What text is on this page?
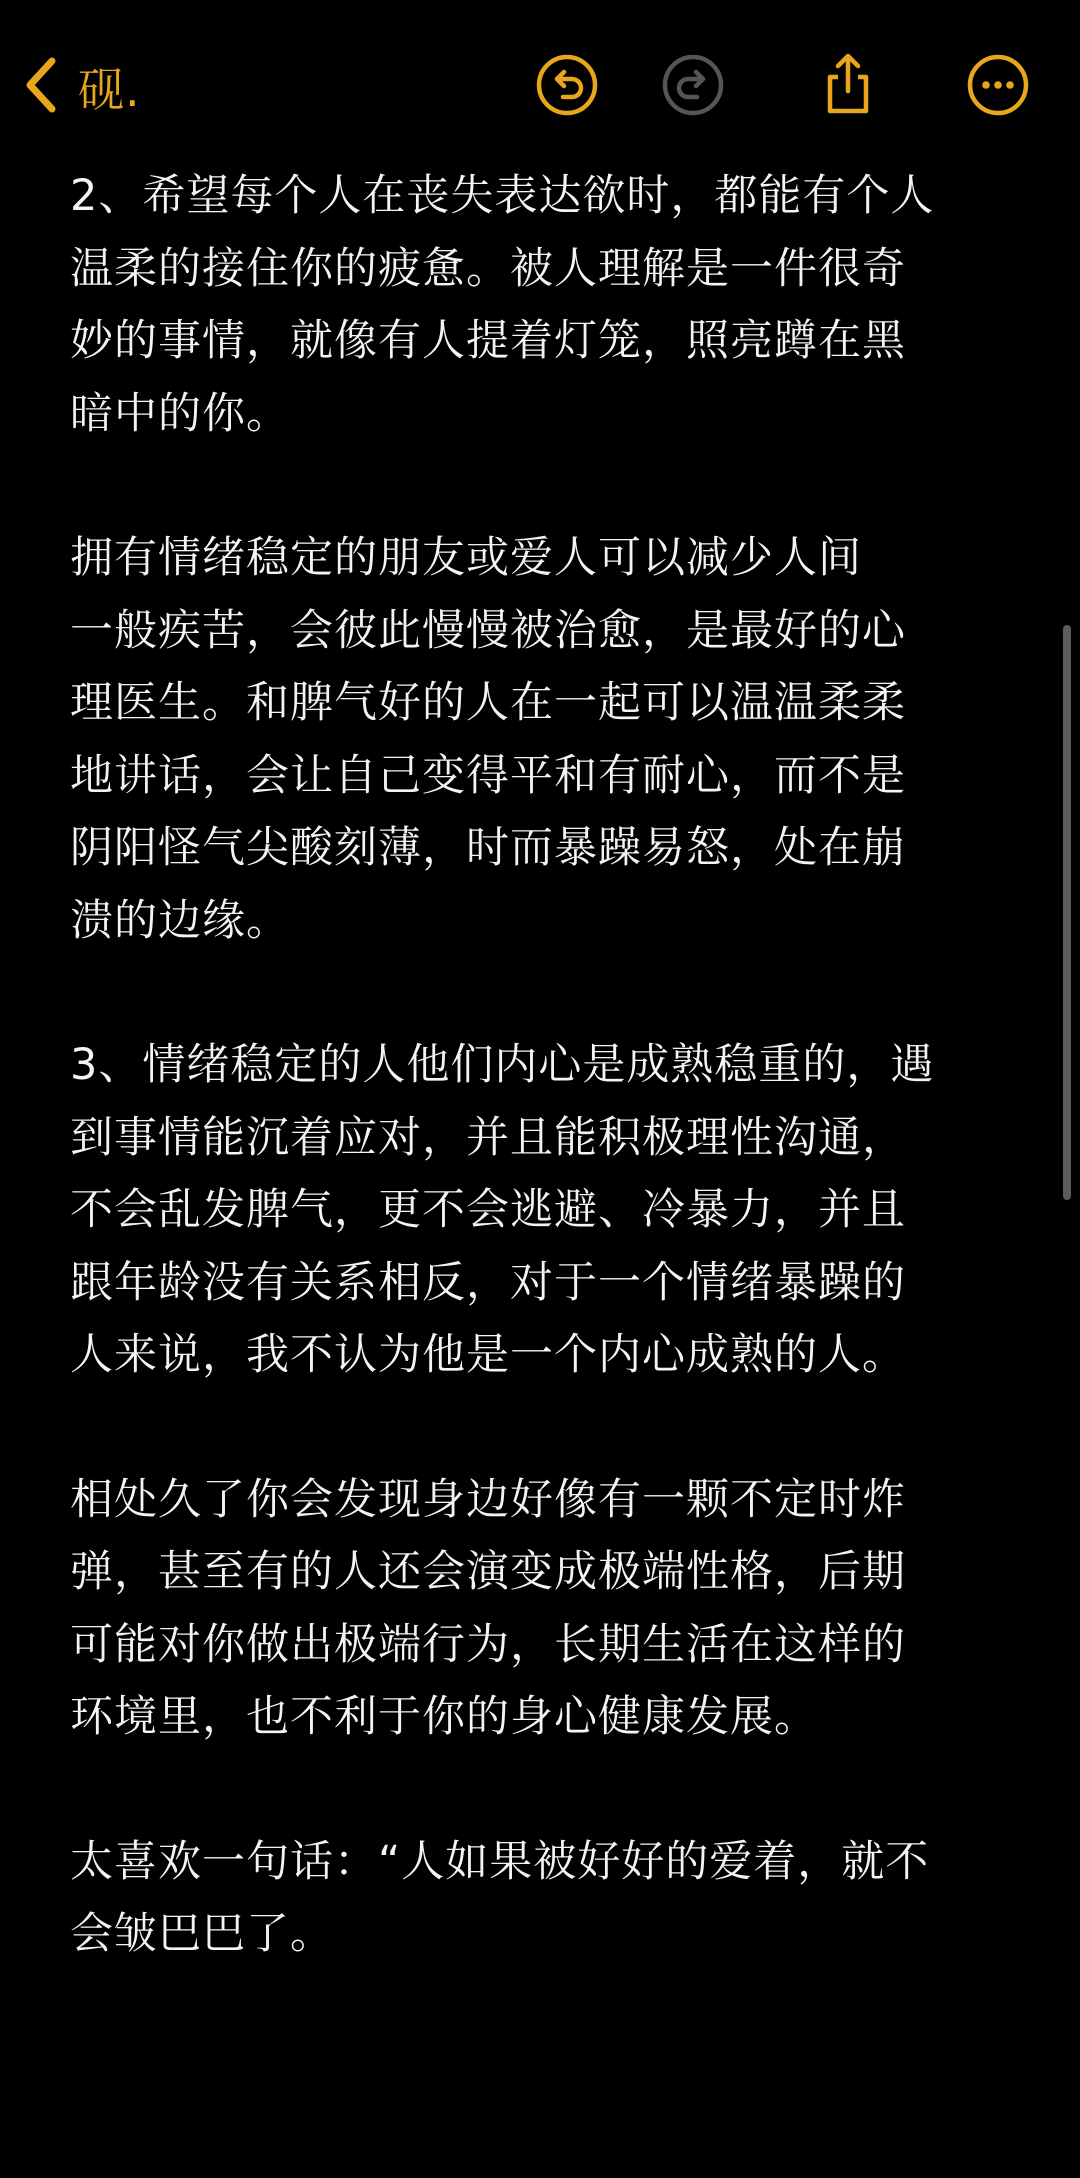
2、希望每个人在丧失表达欲时，都能有个人
温柔的接住你的疲惫。被人理解是一件很奇
妙的事情，就像有人提着灯笼，照亮蹲在黑
暗中的你。
拥有情绪稳定的朋友或爱人可以减少人间
一般疾苦，会彼此慢慢被治愈，是最好的心
理医生。和脾气好的人在一起可以温温柔柔
地讲话，会让自己变得平和有耐心，而不是
阴阳怪气尖酸刻薄，时而暴躁易怒，处在崩
溃的边缘。
3、情绪稳定的人他们内心是成熟稳重的，遇
到事情能沉着应对，并且能积极理性沟通，
不会乱发脾气，更不会逃避、冷暴力，并且
跟年龄没有关系相反，对于一个情绪暴躁的
人来说，我不认为他是一个内心成熟的人。
相处久了你会发现身边好像有一颗不定时炸
弹，甚至有的人还会演变成极端性格，后期
可能对你做出极端行为，长期生活在这样的
环境里，也不利于你的身心健康发展。
太喜欢一句话：“人如果被好好的爱着，就不
会皱巴巴了。
砚.
